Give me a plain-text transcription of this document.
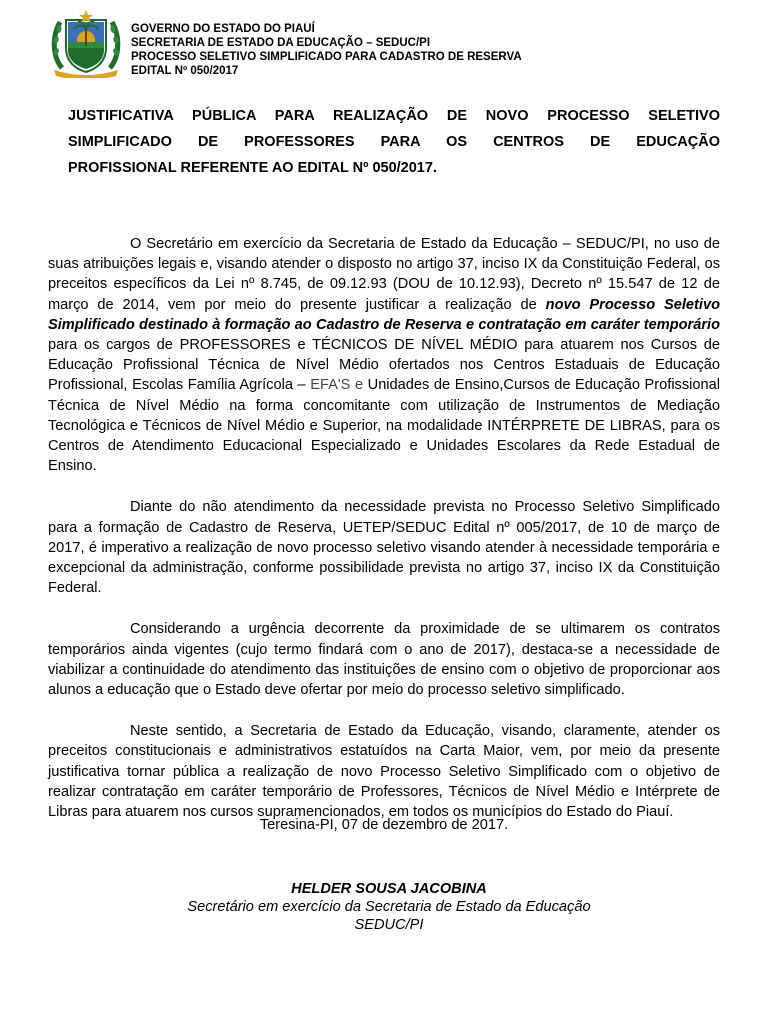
GOVERNO DO ESTADO DO PIAUÍ
SECRETARIA DE ESTADO DA EDUCAÇÃO – SEDUC/PI
PROCESSO SELETIVO SIMPLIFICADO PARA CADASTRO DE RESERVA
EDITAL Nº 050/2017
JUSTIFICATIVA PÚBLICA PARA REALIZAÇÃO DE NOVO PROCESSO SELETIVO
SIMPLIFICADO DE PROFESSORES PARA OS CENTROS DE EDUCAÇÃO
PROFISSIONAL REFERENTE AO EDITAL Nº 050/2017.

O Secretário em exercício da Secretaria de Estado da Educação – SEDUC/PI, no uso de suas atribuições legais e, visando atender o disposto no artigo 37, inciso IX da Constituição Federal, os preceitos específicos da Lei nº 8.745, de 09.12.93 (DOU de 10.12.93), Decreto nº 15.547 de 12 de março de 2014, vem por meio do presente justificar a realização de novo Processo Seletivo Simplificado destinado à formação ao Cadastro de Reserva e contratação em caráter temporário para os cargos de PROFESSORES e TÉCNICOS DE NÍVEL MÉDIO para atuarem nos Cursos de Educação Profissional Técnica de Nível Médio ofertados nos Centros Estaduais de Educação Profissional, Escolas Família Agrícola – EFA'S e Unidades de Ensino,Cursos de Educação Profissional Técnica de Nível Médio na forma concomitante com utilização de Instrumentos de Mediação Tecnológica e Técnicos de Nível Médio e Superior, na modalidade INTÉRPRETE DE LIBRAS, para os Centros de Atendimento Educacional Especializado e Unidades Escolares da Rede Estadual de Ensino.

Diante do não atendimento da necessidade prevista no Processo Seletivo Simplificado para a formação de Cadastro de Reserva, UETEP/SEDUC Edital nº 005/2017, de 10 de março de 2017, é imperativo a realização de novo processo seletivo visando atender à necessidade temporária e excepcional da administração, conforme possibilidade prevista no artigo 37, inciso IX da Constituição Federal.

Considerando a urgência decorrente da proximidade de se ultimarem os contratos temporários ainda vigentes (cujo termo findará com o ano de 2017), destaca-se a necessidade de viabilizar a continuidade do atendimento das instituições de ensino com o objetivo de proporcionar aos alunos a educação que o Estado deve ofertar por meio do processo seletivo simplificado.

Neste sentido, a Secretaria de Estado da Educação, visando, claramente, atender os preceitos constitucionais e administrativos estatuídos na Carta Maior, vem, por meio da presente justificativa tornar pública a realização de novo Processo Seletivo Simplificado com o objetivo de realizar contratação em caráter temporário de Professores, Técnicos de Nível Médio e Intérprete de Libras para atuarem nos cursos supramencionados, em todos os municípios do Estado do Piauí.

Teresina-PI, 07 de dezembro de 2017.
HELDER SOUSA JACOBINA
Secretário em exercício da Secretaria de Estado da Educação
SEDUC/PI
